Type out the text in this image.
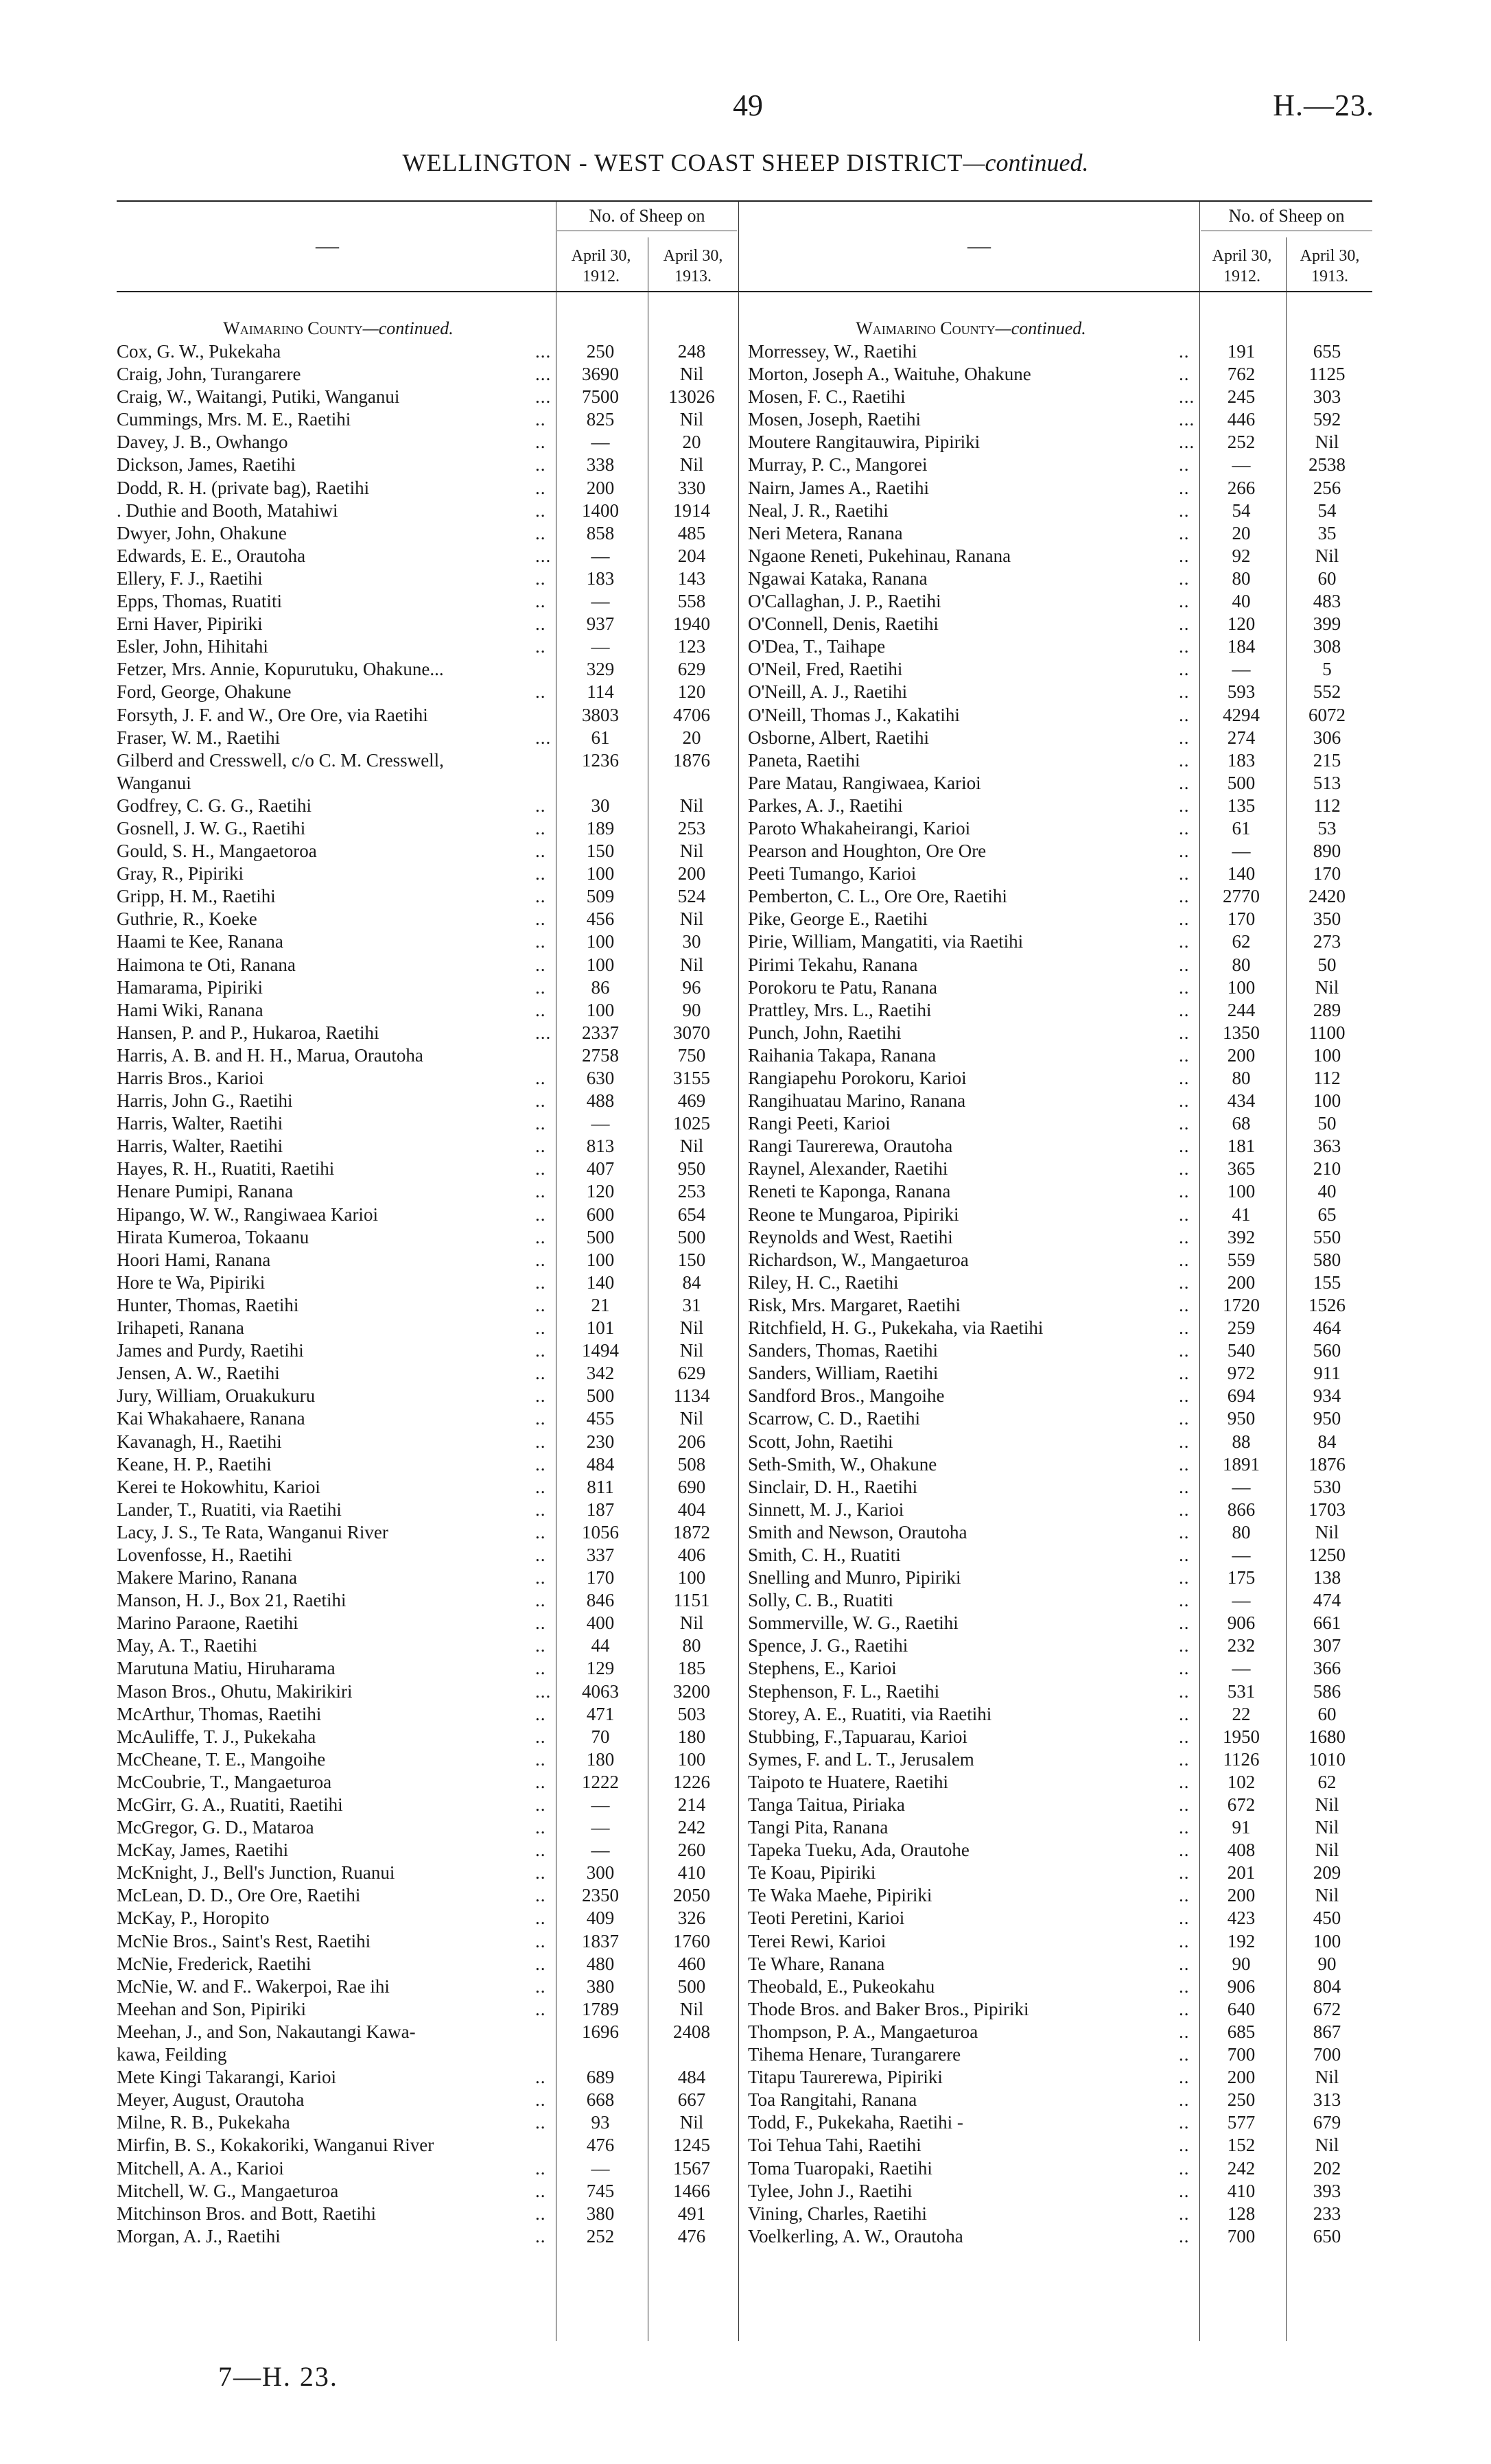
49	H.—23.
WELLINGTON - WEST COAST SHEEP DISTRICT—continued.
—
No. of Sheep on
April 30, 1912.
April 30, 1913.
Waimarino County—continued.
Cox, G. W., Pukekaha	...	250	248
Craig, John, Turangarere	...	3690	Nil
Craig, W., Waitangi, Putiki, Wanganui	...	7500	13026
Cummings, Mrs. M. E., Raetihi	..	825	Nil
Davey, J. B., Owhango	..	—	20
Dickson, James, Raetihi	..	338	Nil
Dodd, R. H. (private bag), Raetihi	..	200	330
. Duthie and Booth, Matahiwi	..	1400	1914
Dwyer, John, Ohakune	..	858	485
Edwards, E. E., Orautoha	...	—	204
Ellery, F. J., Raetihi	..	183	143
Epps, Thomas, Ruatiti	..	—	558
Erni Haver, Pipiriki	..	937	1940
Esler, John, Hihitahi	..	—	123
Fetzer, Mrs. Annie, Kopurutuku, Ohakune...	329	629
Ford, George, Ohakune	..	114	120
Forsyth, J. F. and W., Ore Ore, via Raetihi	3803	4706
Fraser, W. M., Raetihi	...	61	20
Gilberd and Cresswell, c/o C. M. Cresswell,	1236	1876
Wanganui
Godfrey, C. G. G., Raetihi	..	30	Nil
Gosnell, J. W. G., Raetihi	..	189	253
Gould, S. H., Mangaetoroa	..	150	Nil
Gray, R., Pipiriki	..	100	200
Gripp, H. M., Raetihi	..	509	524
Guthrie, R., Koeke	..	456	Nil
Haami te Kee, Ranana	..	100	30
Haimona te Oti, Ranana	..	100	Nil
Hamarama, Pipiriki	..	86	96
Hami Wiki, Ranana	..	100	90
Hansen, P. and P., Hukaroa, Raetihi	...	2337	3070
Harris, A. B. and H. H., Marua, Orautoha	2758	750
Harris Bros., Karioi	..	630	3155
Harris, John G., Raetihi	..	488	469
Harris, Walter, Raetihi	..	—	1025
Harris, Walter, Raetihi	..	813	Nil
Hayes, R. H., Ruatiti, Raetihi	..	407	950
Henare Pumipi, Ranana	..	120	253
Hipango, W. W., Rangiwaea Karioi	..	600	654
Hirata Kumeroa, Tokaanu	..	500	500
Hoori Hami, Ranana	..	100	150
Hore te Wa, Pipiriki	..	140	84
Hunter, Thomas, Raetihi	..	21	31
Irihapeti, Ranana	..	101	Nil
James and Purdy, Raetihi	..	1494	Nil
Jensen, A. W., Raetihi	..	342	629
Jury, William, Oruakukuru	..	500	1134
Kai Whakahaere, Ranana	..	455	Nil
Kavanagh, H., Raetihi	..	230	206
Keane, H. P., Raetihi	..	484	508
Kerei te Hokowhitu, Karioi	..	811	690
Lander, T., Ruatiti, via Raetihi	..	187	404
Lacy, J. S., Te Rata, Wanganui River	..	1056	1872
Lovenfosse, H., Raetihi	..	337	406
Makere Marino, Ranana	..	170	100
Manson, H. J., Box 21, Raetihi	..	846	1151
Marino Paraone, Raetihi	..	400	Nil
May, A. T., Raetihi	..	44	80
Marutuna Matiu, Hiruharama	..	129	185
Mason Bros., Ohutu, Makirikiri	...	4063	3200
McArthur, Thomas, Raetihi	..	471	503
McAuliffe, T. J., Pukekaha	..	70	180
McCheane, T. E., Mangoihe	..	180	100
McCoubrie, T., Mangaeturoa	..	1222	1226
McGirr, G. A., Ruatiti, Raetihi	..	—	214
McGregor, G. D., Mataroa	..	—	242
McKay, James, Raetihi	..	—	260
McKnight, J., Bell's Junction, Ruanui	..	300	410
McLean, D. D., Ore Ore, Raetihi	..	2350	2050
McKay, P., Horopito	..	409	326
McNie Bros., Saint's Rest, Raetihi	..	1837	1760
McNie, Frederick, Raetihi	..	480	460
McNie, W. and F.. Wakerpoi, Rae ihi	..	380	500
Meehan and Son, Pipiriki	..	1789	Nil
Meehan, J., and Son, Nakautangi Kawa-	1696	2408
kawa, Feilding
Mete Kingi Takarangi, Karioi	..	689	484
Meyer, August, Orautoha	..	668	667
Milne, R. B., Pukekaha	..	93	Nil
Mirfin, B. S., Kokakoriki, Wanganui River	476	1245
Mitchell, A. A., Karioi	..	—	1567
Mitchell, W. G., Mangaeturoa	..	745	1466
Mitchinson Bros. and Bott, Raetihi	..	380	491
Morgan, A. J., Raetihi	..	252	476
—
No. of Sheep on
April 30, 1912.
April 30, 1913.
Waimarino County—continued.
Morressey, W., Raetihi	..	191	655
Morton, Joseph A., Waituhe, Ohakune	..	762	1125
Mosen, F. C., Raetihi	...	245	303
Mosen, Joseph, Raetihi	...	446	592
Moutere Rangitauwira, Pipiriki	...	252	Nil
Murray, P. C., Mangorei	..	—	2538
Nairn, James A., Raetihi	..	266	256
Neal, J. R., Raetihi	..	54	54
Neri Metera, Ranana	..	20	35
Ngaone Reneti, Pukehinau, Ranana	..	92	Nil
Ngawai Kataka, Ranana	..	80	60
O'Callaghan, J. P., Raetihi	..	40	483
O'Connell, Denis, Raetihi	..	120	399
O'Dea, T., Taihape	..	184	308
O'Neil, Fred, Raetihi	..	—	5
O'Neill, A. J., Raetihi	..	593	552
O'Neill, Thomas J., Kakatihi	..	4294	6072
Osborne, Albert, Raetihi	..	274	306
Paneta, Raetihi	..	183	215
Pare Matau, Rangiwaea, Karioi	..	500	513
Parkes, A. J., Raetihi	..	135	112
Paroto Whakaheirangi, Karioi	..	61	53
Pearson and Houghton, Ore Ore	..	—	890
Peeti Tumango, Karioi	..	140	170
Pemberton, C. L., Ore Ore, Raetihi	..	2770	2420
Pike, George E., Raetihi	..	170	350
Pirie, William, Mangatiti, via Raetihi	..	62	273
Pirimi Tekahu, Ranana	..	80	50
Porokoru te Patu, Ranana	..	100	Nil
Prattley, Mrs. L., Raetihi	..	244	289
Punch, John, Raetihi	..	1350	1100
Raihania Takapa, Ranana	..	200	100
Rangiapehu Porokoru, Karioi	..	80	112
Rangihuatau Marino, Ranana	..	434	100
Rangi Peeti, Karioi	..	68	50
Rangi Taurerewa, Orautoha	..	181	363
Raynel, Alexander, Raetihi	..	365	210
Reneti te Kaponga, Ranana	..	100	40
Reone te Mungaroa, Pipiriki	..	41	65
Reynolds and West, Raetihi	..	392	550
Richardson, W., Mangaeturoa	..	559	580
Riley, H. C., Raetihi	..	200	155
Risk, Mrs. Margaret, Raetihi	..	1720	1526
Ritchfield, H. G., Pukekaha, via Raetihi	..	259	464
Sanders, Thomas, Raetihi	..	540	560
Sanders, William, Raetihi	..	972	911
Sandford Bros., Mangoihe	..	694	934
Scarrow, C. D., Raetihi	..	950	950
Scott, John, Raetihi	..	88	84
Seth-Smith, W., Ohakune	..	1891	1876
Sinclair, D. H., Raetihi	..	—	530
Sinnett, M. J., Karioi	..	866	1703
Smith and Newson, Orautoha	..	80	Nil
Smith, C. H., Ruatiti	..	—	1250
Snelling and Munro, Pipiriki	..	175	138
Solly, C. B., Ruatiti	..	—	474
Sommerville, W. G., Raetihi	..	906	661
Spence, J. G., Raetihi	..	232	307
Stephens, E., Karioi	..	—	366
Stephenson, F. L., Raetihi	..	531	586
Storey, A. E., Ruatiti, via Raetihi	..	22	60
Stubbing, F.,Tapuarau, Karioi	..	1950	1680
Symes, F. and L. T., Jerusalem	..	1126	1010
Taipoto te Huatere, Raetihi	..	102	62
Tanga Taitua, Piriaka	..	672	Nil
Tangi Pita, Ranana	..	91	Nil
Tapeka Tueku, Ada, Orautohe	..	408	Nil
Te Koau, Pipiriki	..	201	209
Te Waka Maehe, Pipiriki	..	200	Nil
Teoti Peretini, Karioi	..	423	450
Terei Rewi, Karioi	..	192	100
Te Whare, Ranana	..	90	90
Theobald, E., Pukeokahu	..	906	804
Thode Bros. and Baker Bros., Pipiriki	..	640	672
Thompson, P. A., Mangaeturoa	..	685	867
Tihema Henare, Turangarere	..	700	700
Titapu Taurerewa, Pipiriki	..	200	Nil
Toa Rangitahi, Ranana	..	250	313
Todd, F., Pukekaha, Raetihi -	..	577	679
Toi Tehua Tahi, Raetihi	..	152	Nil
Toma Tuaropaki, Raetihi	..	242	202
Tylee, John J., Raetihi	..	410	393
Vining, Charles, Raetihi	..	128	233
Voelkerling, A. W., Orautoha	..	700	650
7—H. 23.
